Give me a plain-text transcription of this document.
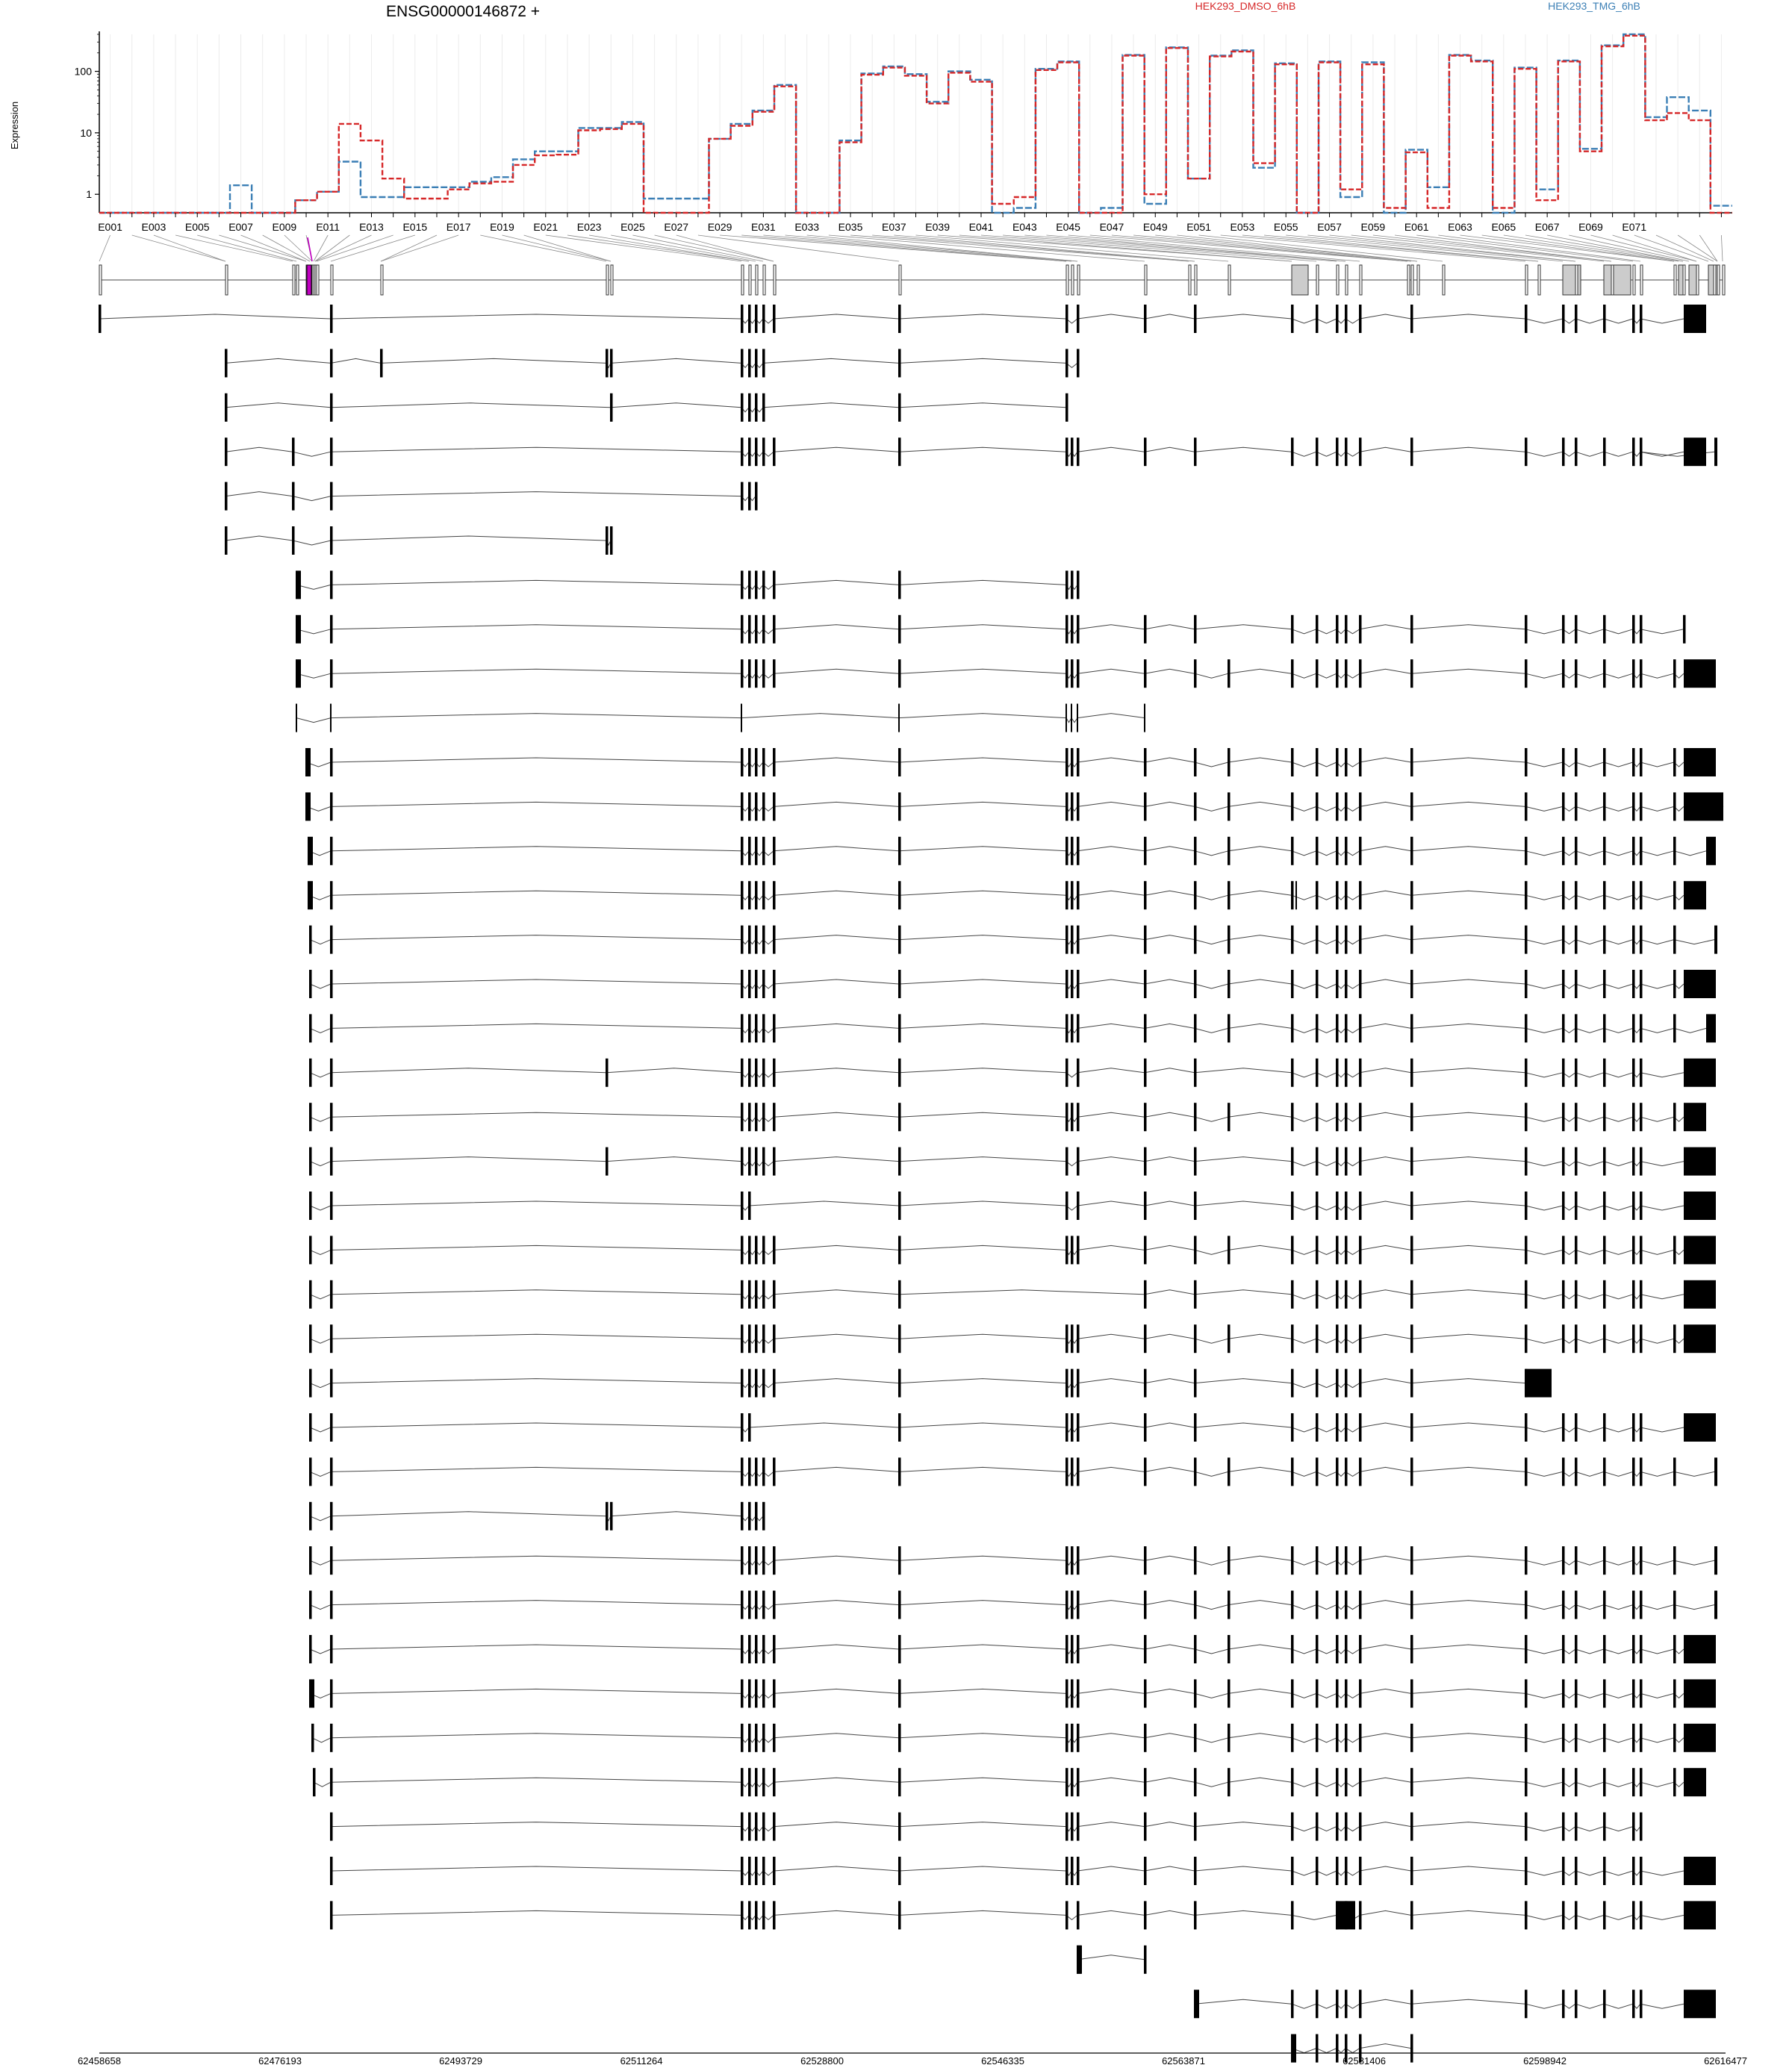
ENSG00000146872 +	HEK293_DMSO_6hB	HEK293_TMG_6hB
Expression
1
10
100
E001 E003 E005 E007 E009 E011 E013 E015 E017 E019 E021 E023 E025 E027 E029 E031 E033 E035 E037 E039 E041 E043 E045 E047 E049 E051 E053 E055 E057 E059 E061 E063 E065 E067 E069 E071
62458658	62476193	62493729	62511264	62528800	62546335	62563871	62581406	62598942	62616477
